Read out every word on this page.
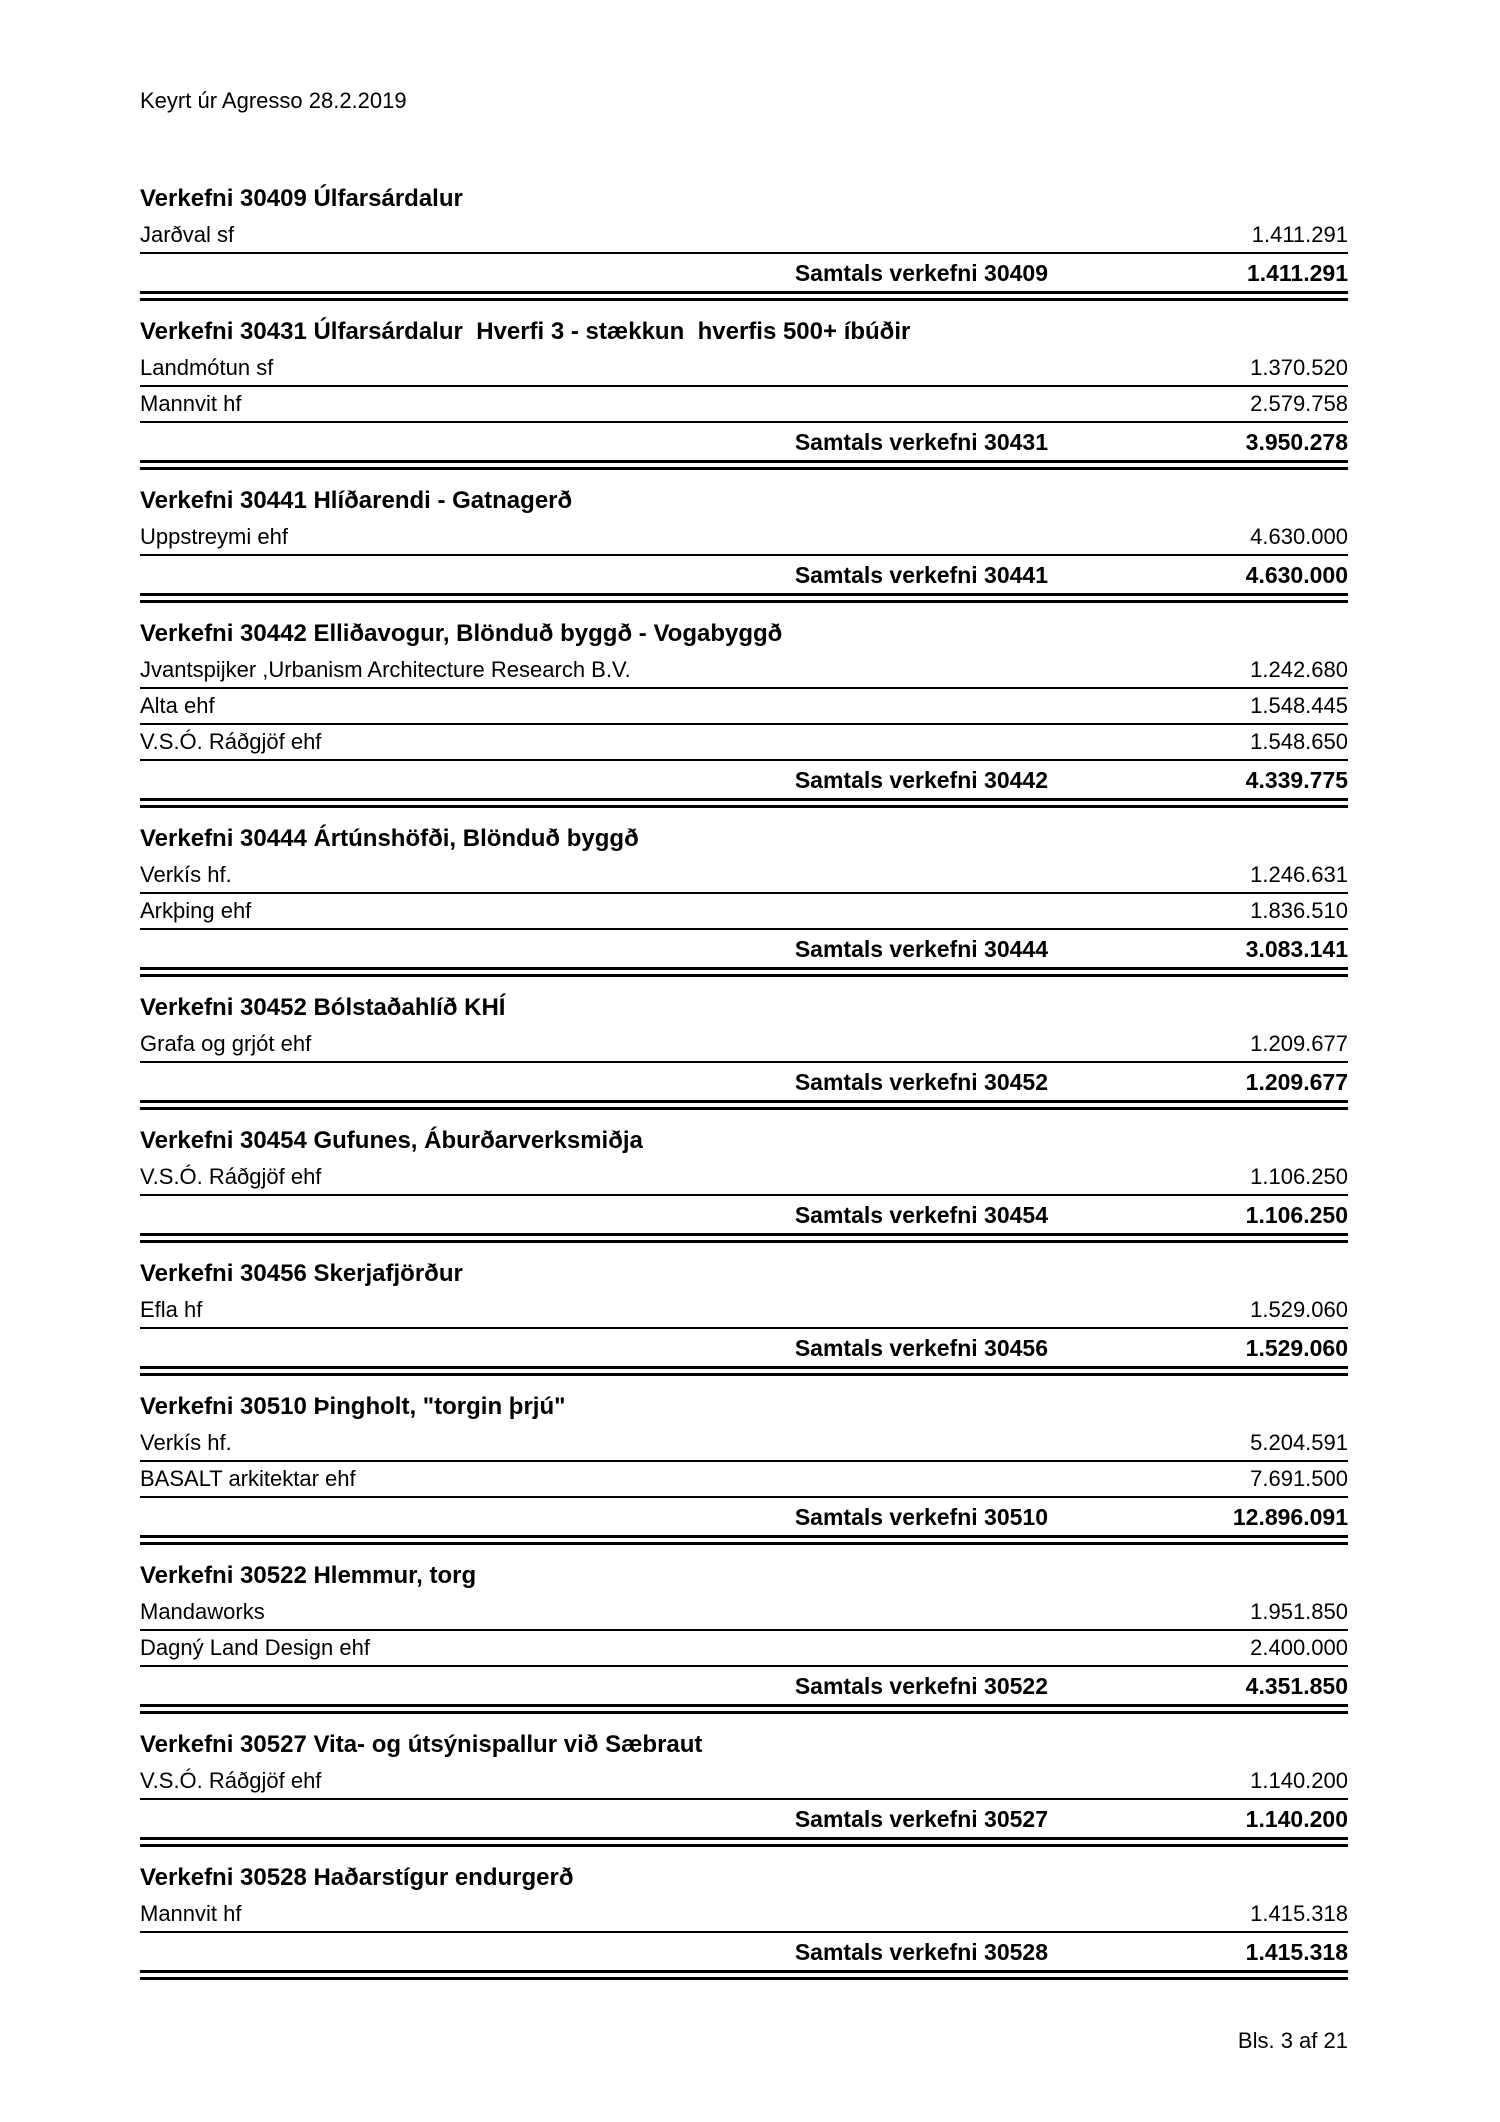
Keyrt úr Agresso 28.2.2019
Verkefni 30409 Úlfarsárdalur
Jarðval sf	1.411.291
Samtals verkefni 30409	1.411.291
Verkefni 30431 Úlfarsárdalur  Hverfi 3 - stækkun  hverfis 500+ íbúðir
Landmótun sf	1.370.520
Mannvit hf	2.579.758
Samtals verkefni 30431	3.950.278
Verkefni 30441 Hlíðarendi - Gatnagerð
Uppstreymi ehf	4.630.000
Samtals verkefni 30441	4.630.000
Verkefni 30442 Elliðavogur, Blönduð byggð - Vogabyggð
Jvantspijker ,Urbanism Architecture Research B.V.	1.242.680
Alta ehf	1.548.445
V.S.Ó. Ráðgjöf ehf	1.548.650
Samtals verkefni 30442	4.339.775
Verkefni 30444 Ártúnshöfði, Blönduð byggð
Verkís hf.	1.246.631
Arkþing ehf	1.836.510
Samtals verkefni 30444	3.083.141
Verkefni 30452 Bólstaðahlíð KHÍ
Grafa og grjót ehf	1.209.677
Samtals verkefni 30452	1.209.677
Verkefni 30454 Gufunes, Áburðarverksmiðja
V.S.Ó. Ráðgjöf ehf	1.106.250
Samtals verkefni 30454	1.106.250
Verkefni 30456 Skerjafjörður
Efla hf	1.529.060
Samtals verkefni 30456	1.529.060
Verkefni 30510 Þingholt, "torgin þrjú"
Verkís hf.	5.204.591
BASALT arkitektar ehf	7.691.500
Samtals verkefni 30510	12.896.091
Verkefni 30522 Hlemmur, torg
Mandaworks	1.951.850
Dagný Land Design ehf	2.400.000
Samtals verkefni 30522	4.351.850
Verkefni 30527 Vita- og útsýnispallur við Sæbraut
V.S.Ó. Ráðgjöf ehf	1.140.200
Samtals verkefni 30527	1.140.200
Verkefni 30528 Haðarstígur endurgerð
Mannvit hf	1.415.318
Samtals verkefni 30528	1.415.318
Bls. 3 af 21
